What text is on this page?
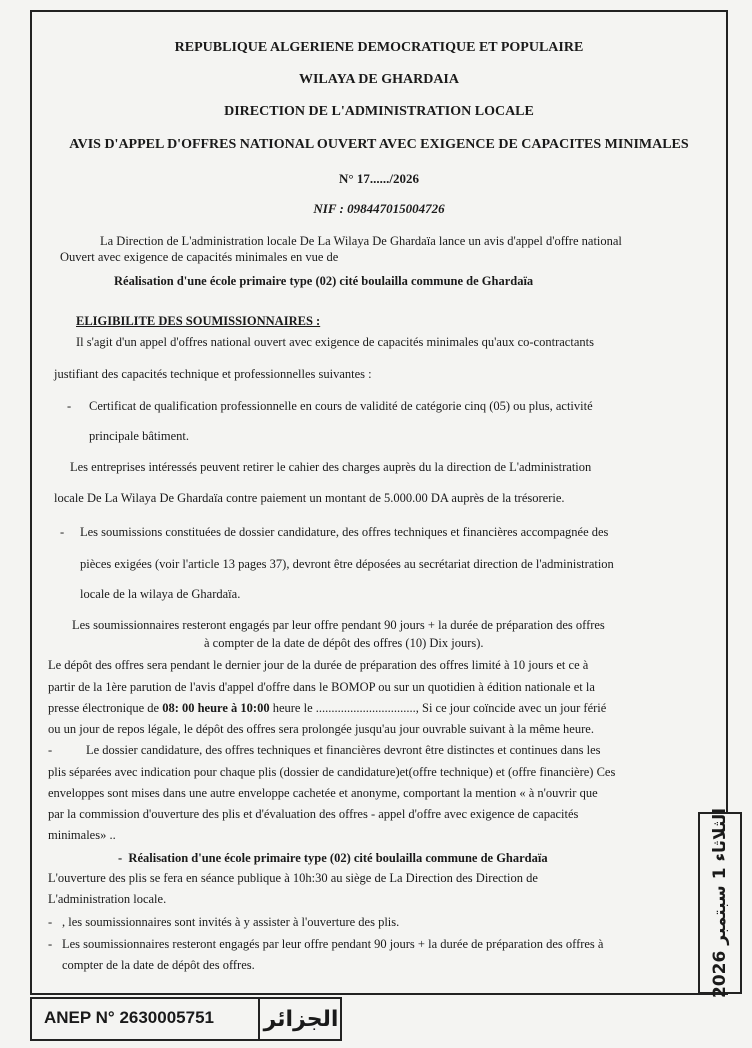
REPUBLIQUE ALGERIENE DEMOCRATIQUE ET POPULAIRE
WILAYA DE GHARDAIA
DIRECTION DE L'ADMINISTRATION LOCALE
AVIS D'APPEL D'OFFRES NATIONAL OUVERT AVEC EXIGENCE DE CAPACITES MINIMALES
N° 17....../2026
NIF : 098447015004726
La Direction de L'administration locale De La Wilaya De Ghardaïa lance un avis d'appel d'offre national
Ouvert avec exigence de capacités minimales en vue de
Réalisation d'une école primaire type (02) cité boulailla commune de Ghardaïa
ELIGIBILITE DES SOUMISSIONNAIRES :
Il s'agit d'un appel d'offres national ouvert avec exigence de capacités minimales qu'aux co-contractants
justifiant des capacités technique et professionnelles suivantes :
- Certificat de qualification professionnelle en cours de validité de catégorie cinq (05) ou plus, activité
principale bâtiment.
Les entreprises intéressés peuvent retirer le cahier des charges auprès du la direction de L'administration
locale De La Wilaya De Ghardaïa contre paiement un montant de 5.000.00 DA auprès de la trésorerie.
- Les soumissions constituées de dossier candidature, des offres techniques et financières accompagnée des
pièces exigées (voir l'article 13 pages 37), devront être déposées au secrétariat direction de l'administration
locale de la wilaya de Ghardaïa.
Les soumissionnaires resteront engagés par leur offre pendant 90 jours + la durée de préparation des offres
à compter de la date de dépôt des offres (10) Dix jours).
Le dépôt des offres sera pendant le dernier jour de la durée de préparation des offres limité à 10 jours et ce à
partir de la 1ère parution de l'avis d'appel d'offre dans le BOMOP ou sur un quotidien à édition nationale et la
presse électronique de 08: 00 heure à 10:00 heure le ................................, Si ce jour coïncide avec un jour férié
ou un jour de repos légale, le dépôt des offres sera prolongée jusqu'au jour ouvrable suivant à la même heure.
-	Le dossier candidature, des offres techniques et financières devront être distinctes et continues dans les
plis séparées avec indication pour chaque plis (dossier de candidature)et(offre technique) et (offre financière) Ces
enveloppes sont mises dans une autre enveloppe cachetée et anonyme, comportant la mention « à n'ouvrir que
par la commission d'ouverture des plis et d'évaluation des offres - appel d'offre avec exigence de capacités
minimales» ..
-  Réalisation d'une école primaire type (02) cité boulailla commune de Ghardaïa
L'ouverture des plis se fera en séance publique à 10h:30 au siège de La Direction des Direction de
L'administration locale.
- , les soumissionnaires sont invités à y assister à l'ouverture des plis.
- Les soumissionnaires resteront engagés par leur offre pendant 90 jours + la durée de préparation des offres à
compter de la date de dépôt des offres.	الثلاثاء 1 سبتمبر 2026
ANEP N° 2630005751 الجزائر
